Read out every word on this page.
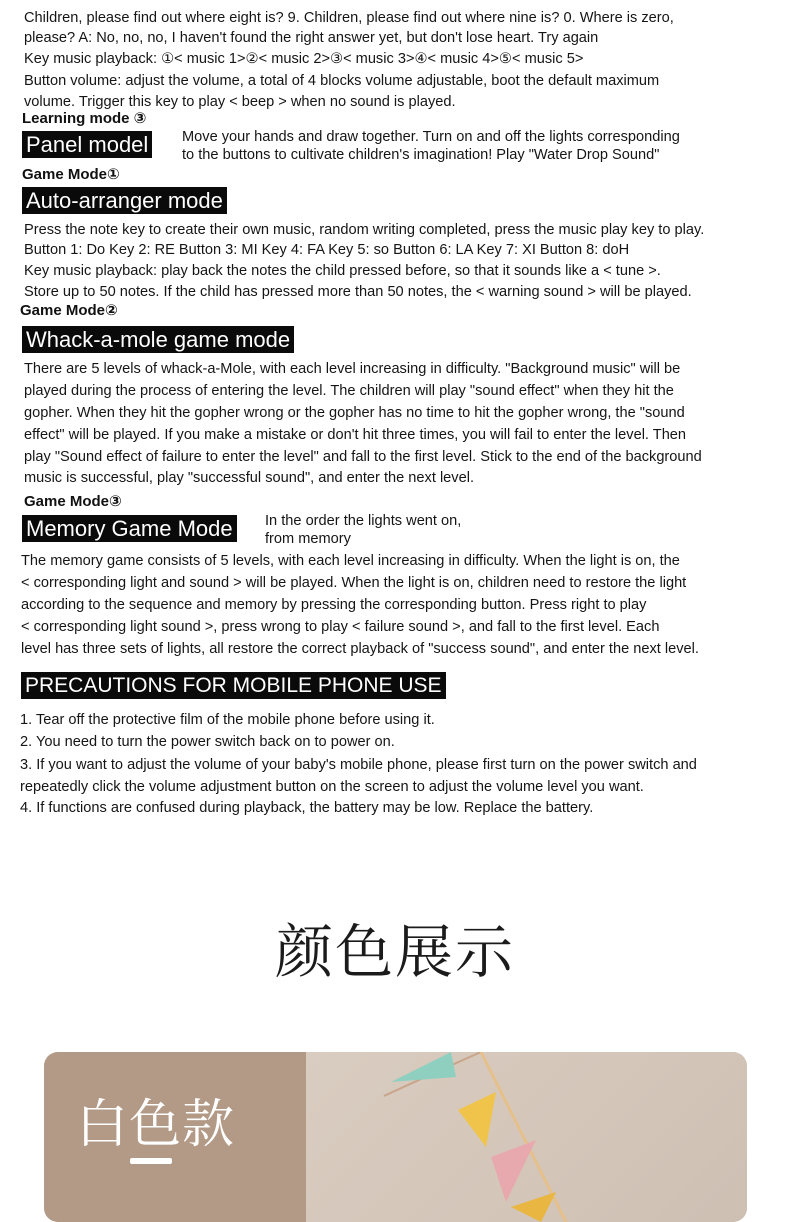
Children, please find out where eight is? 9. Children, please find out where nine is? 0. Where is zero,
please? A: No, no, no, I haven't found the right answer yet, but don't lose heart. Try again
Key music playback: ①< music 1>②< music 2>③< music 3>④< music 4>⑤< music 5>
Button volume: adjust the volume, a total of 4 blocks volume adjustable, boot the default maximum
volume. Trigger this key to play < beep > when no sound is played.
Learning mode ③
Panel model Move your hands and draw together. Turn on and off the lights corresponding
to the buttons to cultivate children's imagination! Play "Water Drop Sound"
Game Mode①
Auto-arranger mode
Press the note key to create their own music, random writing completed, press the music play key to play.
Button 1: Do Key 2: RE Button 3: MI Key 4: FA Key 5: so Button 6: LA Key 7: XI Button 8: doH
Key music playback: play back the notes the child pressed before, so that it sounds like a < tune >.
Store up to 50 notes. If the child has pressed more than 50 notes, the < warning sound > will be played.
Game Mode②
Whack-a-mole game mode
There are 5 levels of whack-a-Mole, with each level increasing in difficulty. "Background music" will be
played during the process of entering the level. The children will play "sound effect" when they hit the
gopher. When they hit the gopher wrong or the gopher has no time to hit the gopher wrong, the "sound
effect" will be played. If you make a mistake or don't hit three times, you will fail to enter the level. Then
play "Sound effect of failure to enter the level" and fall to the first level. Stick to the end of the background
music is successful, play "successful sound", and enter the next level.
Game Mode③
Memory Game Mode In the order the lights went on,
from memory
The memory game consists of 5 levels, with each level increasing in difficulty. When the light is on, the
< corresponding light and sound > will be played. When the light is on, children need to restore the light
according to the sequence and memory by pressing the corresponding button. Press right to play
< corresponding light sound >, press wrong to play < failure sound >, and fall to the first level. Each
level has three sets of lights, all restore the correct playback of "success sound", and enter the next level.
PRECAUTIONS FOR MOBILE PHONE USE
1. Tear off the protective film of the mobile phone before using it.
2. You need to turn the power switch back on to power on.
3. If you want to adjust the volume of your baby's mobile phone, please first turn on the power switch and
repeatedly click the volume adjustment button on the screen to adjust the volume level you want.
4. If functions are confused during playback, the battery may be low. Replace the battery.
颜色展示
白色款
